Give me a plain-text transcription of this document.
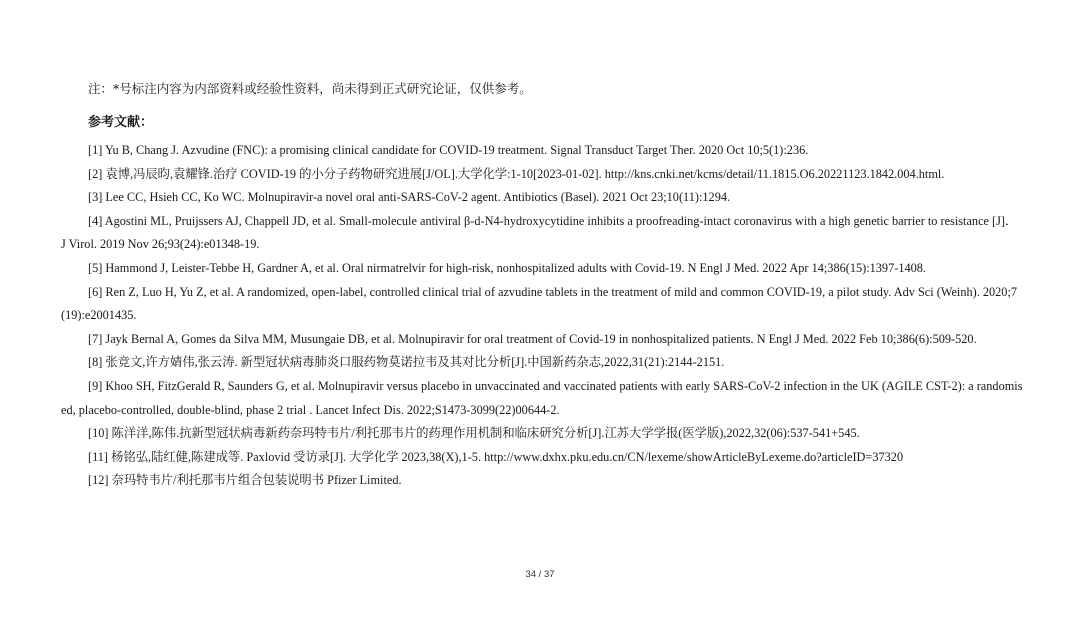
注：*号标注内容为内部资料或经验性资料，尚未得到正式研究论证，仅供参考。
参考文献：

[1] Yu B, Chang J. Azvudine (FNC): a promising clinical candidate for COVID-19 treatment. Signal Transduct Target Ther. 2020 Oct 10;5(1):236.

[2] 袁博,冯辰昀,袁耀锋.治疗 COVID-19 的小分子药物研究进展[J/OL].大学化学:1-10[2023-01-02]. http://kns.cnki.net/kcms/detail/11.1815.O6.20221123.1842.004.html.

[3] Lee CC, Hsieh CC, Ko WC. Molnupiravir-a novel oral anti-SARS-CoV-2 agent. Antibiotics (Basel). 2021 Oct 23;10(11):1294.

[4] Agostini ML, Pruijssers AJ, Chappell JD, et al. Small-molecule antiviral β-d-N4-hydroxycytidine inhibits a proofreading-intact coronavirus with a high genetic barrier to resistance [J]． J Virol. 2019 Nov 26;93(24):e01348-19.

[5] Hammond J, Leister-Tebbe H, Gardner A, et al. Oral nirmatrelvir for high-risk, nonhospitalized adults with Covid-19. N Engl J Med. 2022 Apr 14;386(15):1397-1408.

[6] Ren Z, Luo H, Yu Z, et al. A randomized, open-label, controlled clinical trial of azvudine tablets in the treatment of mild and common COVID-19, a pilot study. Adv Sci (Weinh). 2020;7(19):e2001435.

[7] Jayk Bernal A, Gomes da Silva MM, Musungaie DB, et al. Molnupiravir for oral treatment of Covid-19 in nonhospitalized patients. N Engl J Med. 2022 Feb 10;386(6):509-520.

[8] 张竞文,许方婧伟,张云涛. 新型冠状病毒肺炎口服药物莫诺拉韦及其对比分析[J].中国新药杂志,2022,31(21):2144-2151.

[9] Khoo SH, FitzGerald R, Saunders G, et al. Molnupiravir versus placebo in unvaccinated and vaccinated patients with early SARS-CoV-2 infection in the UK (AGILE CST-2): a randomised, placebo-controlled, double-blind, phase 2 trial . Lancet Infect Dis. 2022;S1473-3099(22)00644-2.

[10] 陈洋洋,陈伟.抗新型冠状病毒新药奈玛特韦片/利托那韦片的药理作用机制和临床研究分析[J].江苏大学学报(医学版),2022,32(06):537-541+545.

[11] 杨铭弘,陆红健,陈建成等. Paxlovid 受访录[J]. 大学化学 2023,38(X),1-5. http://www.dxhx.pku.edu.cn/CN/lexeme/showArticleByLexeme.do?articleID=37320

[12] 奈玛特韦片/利托那韦片组合包装说明书 Pfizer Limited.

34 / 37
